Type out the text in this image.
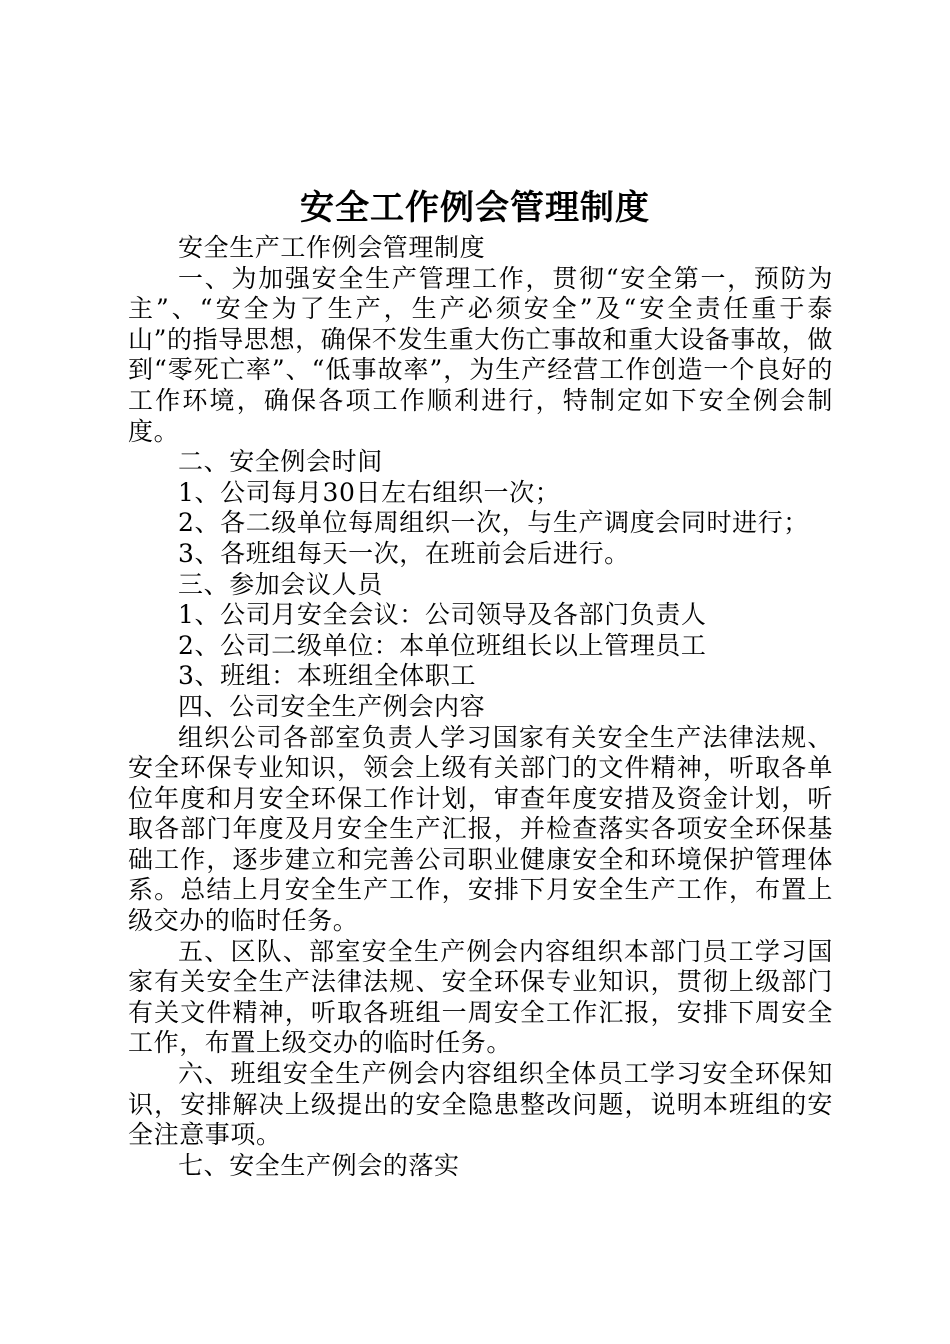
安全工作例会管理制度

安全生产工作例会管理制度

一、为加强安全生产管理工作，贯彻“安全第一，预防为主”、“安全为了生产，生产必须安全”及“安全责任重于泰山”的指导思想，确保不发生重大伤亡事故和重大设备事故，做到“零死亡率”、“低事故率”，为生产经营工作创造一个良好的工作环境，确保各项工作顺利进行，特制定如下安全例会制度。

二、安全例会时间

1、公司每月30日左右组织一次；

2、各二级单位每周组织一次，与生产调度会同时进行；

3、各班组每天一次，在班前会后进行。

三、参加会议人员

1、公司月安全会议：公司领导及各部门负责人

2、公司二级单位：本单位班组长以上管理员工

3、班组：本班组全体职工

四、公司安全生产例会内容

组织公司各部室负责人学习国家有关安全生产法律法规、安全环保专业知识，领会上级有关部门的文件精神，听取各单位年度和月安全环保工作计划，审查年度安措及资金计划，听取各部门年度及月安全生产汇报，并检查落实各项安全环保基础工作，逐步建立和完善公司职业健康安全和环境保护管理体系。总结上月安全生产工作，安排下月安全生产工作，布置上级交办的临时任务。

五、区队、部室安全生产例会内容组织本部门员工学习国家有关安全生产法律法规、安全环保专业知识，贯彻上级部门有关文件精神，听取各班组一周安全工作汇报，安排下周安全工作，布置上级交办的临时任务。

六、班组安全生产例会内容组织全体员工学习安全环保知识，安排解决上级提出的安全隐患整改问题，说明本班组的安全注意事项。

七、安全生产例会的落实
